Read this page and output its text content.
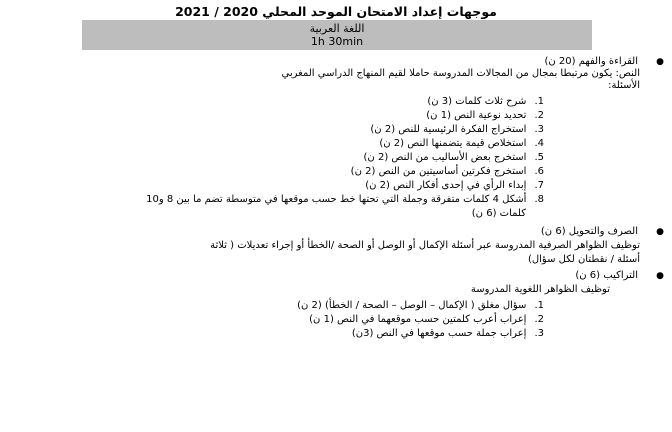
موجهات إعداد الامتحان الموحد المحلي 2020 / 2021
اللغة العربية
1h 30min
●
القراءة والفهم (20 ن)
النص: يكون مرتبطا بمجال من المجالات المدروسة حاملا لقيم المنهاج الدراسي المغربي
الأسئلة:
1.شرح ثلاث كلمات (3 ن)
2.تحديد نوعية النص (1 ن)
3.استخراج الفكرة الرئيسية للنص (2 ن)
4.استخلاص قيمة يتضمنها النص (2 ن)
5.استخرج بعض الأساليب من النص (2 ن)
6.استخرج فكرتين أساسيتين من النص (2 ن)
7.إبداء الرأي في إحدى أفكار النص (2 ن)
8.أشكل 4 كلمات متفرقة وجملة التي تحتها خط حسب موقعها في متوسطة تضم ما بين 8 و10
كلمات (6 ن)
●
الصرف والتحويل (6 ن)
توظيف الظواهر الصرفية المدروسة عبر أسئلة الإكمال أو الوصل أو الصحة /الخطأ أو إجراء تعديلات ( ثلاثة
أسئلة / نقطتان لكل سؤال)
●
التراكيب (6 ن)
توظيف الظواهر اللغوية المدروسة
1.سؤال مغلق ( الإكمال – الوصل – الصحة / الخطأ) (2 ن)
2.إعراب أعرب كلمتين حسب موقعهما في النص (1 ن)
3.إعراب جملة حسب موقعها في النص (3ن)
